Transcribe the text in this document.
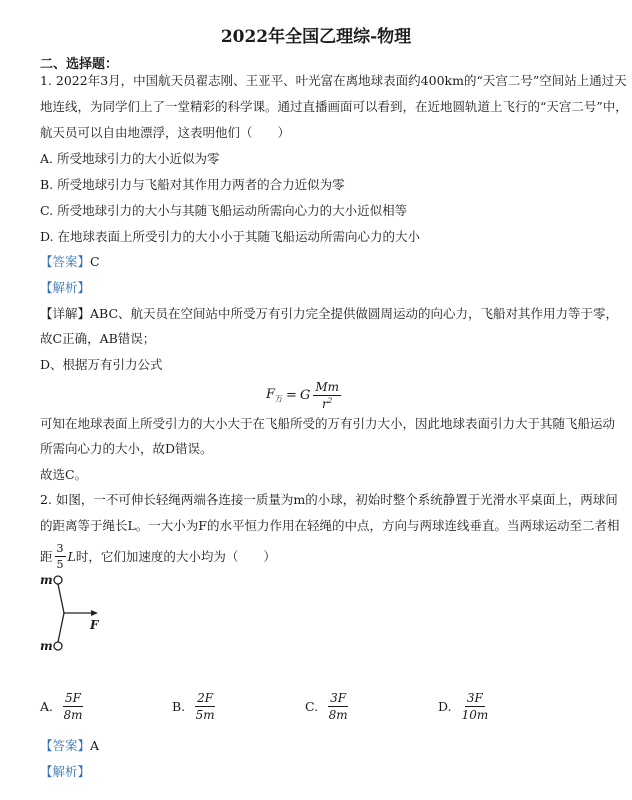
2022年全国乙理综-物理
二、选择题：
1. 2022年3月，中国航天员翟志刚、王亚平、叶光富在离地球表面约400km的“天宫二号”空间站上通过天
地连线，为同学们上了一堂精彩的科学课。通过直播画面可以看到，在近地圆轨道上飞行的“天宫二号”中，
航天员可以自由地漂浮，这表明他们（　　）
A. 所受地球引力的大小近似为零
B. 所受地球引力与飞船对其作用力两者的合力近似为零
C. 所受地球引力的大小与其随飞船运动所需向心力的大小近似相等
D. 在地球表面上所受引力的大小小于其随飞船运动所需向心力的大小
【答案】C
【解析】
【详解】ABC、航天员在空间站中所受万有引力完全提供做圆周运动的向心力，飞船对其作用力等于零，
故C正确，AB错误；
D、根据万有引力公式
$F_万 = G \frac{Mm}{r^2}$
可知在地球表面上所受引力的大小大于在飞船所受的万有引力大小，因此地球表面引力大于其随飞船运动
所需向心力的大小，故D错误。
故选C。
2. 如图，一不可伸长轻绳两端各连接一质量为m的小球，初始时整个系统静置于光滑水平桌面上，两球间
的距离等于绳长L。一大小为F的水平恒力作用在轻绳的中点，方向与两球连线垂直。当两球运动至二者相
距 $\frac{3}{5}$ L 时，它们加速度的大小均为（　　）
m
m
F
A. $\frac{5F}{8m}$	B. $\frac{2F}{5m}$	C. $\frac{3F}{8m}$	D. $\frac{3F}{10m}$
【答案】A
【解析】
